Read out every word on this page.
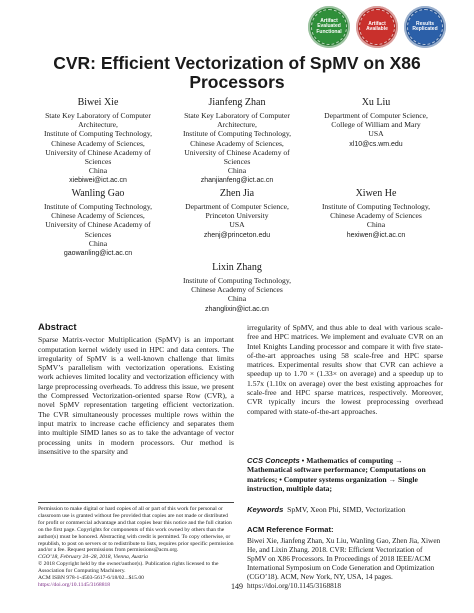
Artifact Evaluated Functional
Artifact Available
Results Replicated
CVR: Efficient Vectorization of SpMV on X86
Processors
Biwei Xie
State Key Laboratory of Computer
Architecture,
Institute of Computing Technology,
Chinese Academy of Sciences,
University of Chinese Academy of
Sciences
China
xiebiwei@ict.ac.cn
Jianfeng Zhan
State Key Laboratory of Computer
Architecture,
Institute of Computing Technology,
Chinese Academy of Sciences,
University of Chinese Academy of
Sciences
China
zhanjianfeng@ict.ac.cn
Xu Liu
Department of Computer Science,
College of William and Mary
USA
xl10@cs.wm.edu
Wanling Gao
Institute of Computing Technology,
Chinese Academy of Sciences,
University of Chinese Academy of
Sciences
China
gaowanling@ict.ac.cn
Zhen Jia
Department of Computer Science,
Princeton University
USA
zhenj@princeton.edu
Xiwen He
Institute of Computing Technology,
Chinese Academy of Sciences
China
hexiwen@ict.ac.cn
Lixin Zhang
Institute of Computing Technology,
Chinese Academy of Sciences
China
zhanglixin@ict.ac.cn
Abstract

Sparse Matrix-vector Multiplication (SpMV) is an important computation kernel widely used in HPC and data centers. The irregularity of SpMV is a well-known challenge that limits SpMV’s parallelism with vectorization operations. Existing work achieves limited locality and vectorization efficiency with large preprocessing overheads. To address this issue, we present the Compressed Vectorization-oriented sparse Row (CVR), a novel SpMV representation targeting efficient vectorization. The CVR simultaneously processes multiple rows within the input matrix to increase cache efficiency and separates them into multiple SIMD lanes so as to take the advantage of vector processing units in modern processors. Our method is insensitive to the sparsity and

Permission to make digital or hard copies of all or part of this work for personal or classroom use is granted without fee provided that copies are not made or distributed for profit or commercial advantage and that copies bear this notice and the full citation on the first page. Copyrights for components of this work owned by others than the author(s) must be honored. Abstracting with credit is permitted. To copy otherwise, or republish, to post on servers or to redistribute to lists, requires prior specific permission and/or a fee. Request permissions from permissions@acm.org.
CGO’18, February 24–28, 2018, Vienna, Austria
© 2018 Copyright held by the owner/author(s). Publication rights licensed to the Association for Computing Machinery.
ACM ISBN 978-1-4503-5617-6/18/02...$15.00
https://doi.org/10.1145/3168818

irregularity of SpMV, and thus able to deal with various scale-free and HPC matrices. We implement and evaluate CVR on an Intel Knights Landing processor and compare it with five state-of-the-art approaches using 58 scale-free and HPC sparse matrices. Experimental results show that CVR can achieve a speedup up to 1.70 × (1.33× on average) and a speedup up to 1.57x (1.10x on average) over the best existing approaches for scale-free and HPC sparse matrices, respectively. Moreover, CVR typically incurs the lowest preprocessing overhead compared with state-of-the-art approaches.

CCS Concepts • Mathematics of computing → Mathematical software performance; Computations on matrices; • Computer systems organization → Single instruction, multiple data;
Keywords SpMV, Xeon Phi, SIMD, Vectorization
ACM Reference Format:
Biwei Xie, Jianfeng Zhan, Xu Liu, Wanling Gao, Zhen Jia, Xiwen He, and Lixin Zhang. 2018. CVR: Efficient Vectorization of SpMV on X86 Processors. In Proceedings of 2018 IEEE/ACM International Symposium on Code Generation and Optimization (CGO’18). ACM, New York, NY, USA, 14 pages. https://doi.org/10.1145/3168818
149
